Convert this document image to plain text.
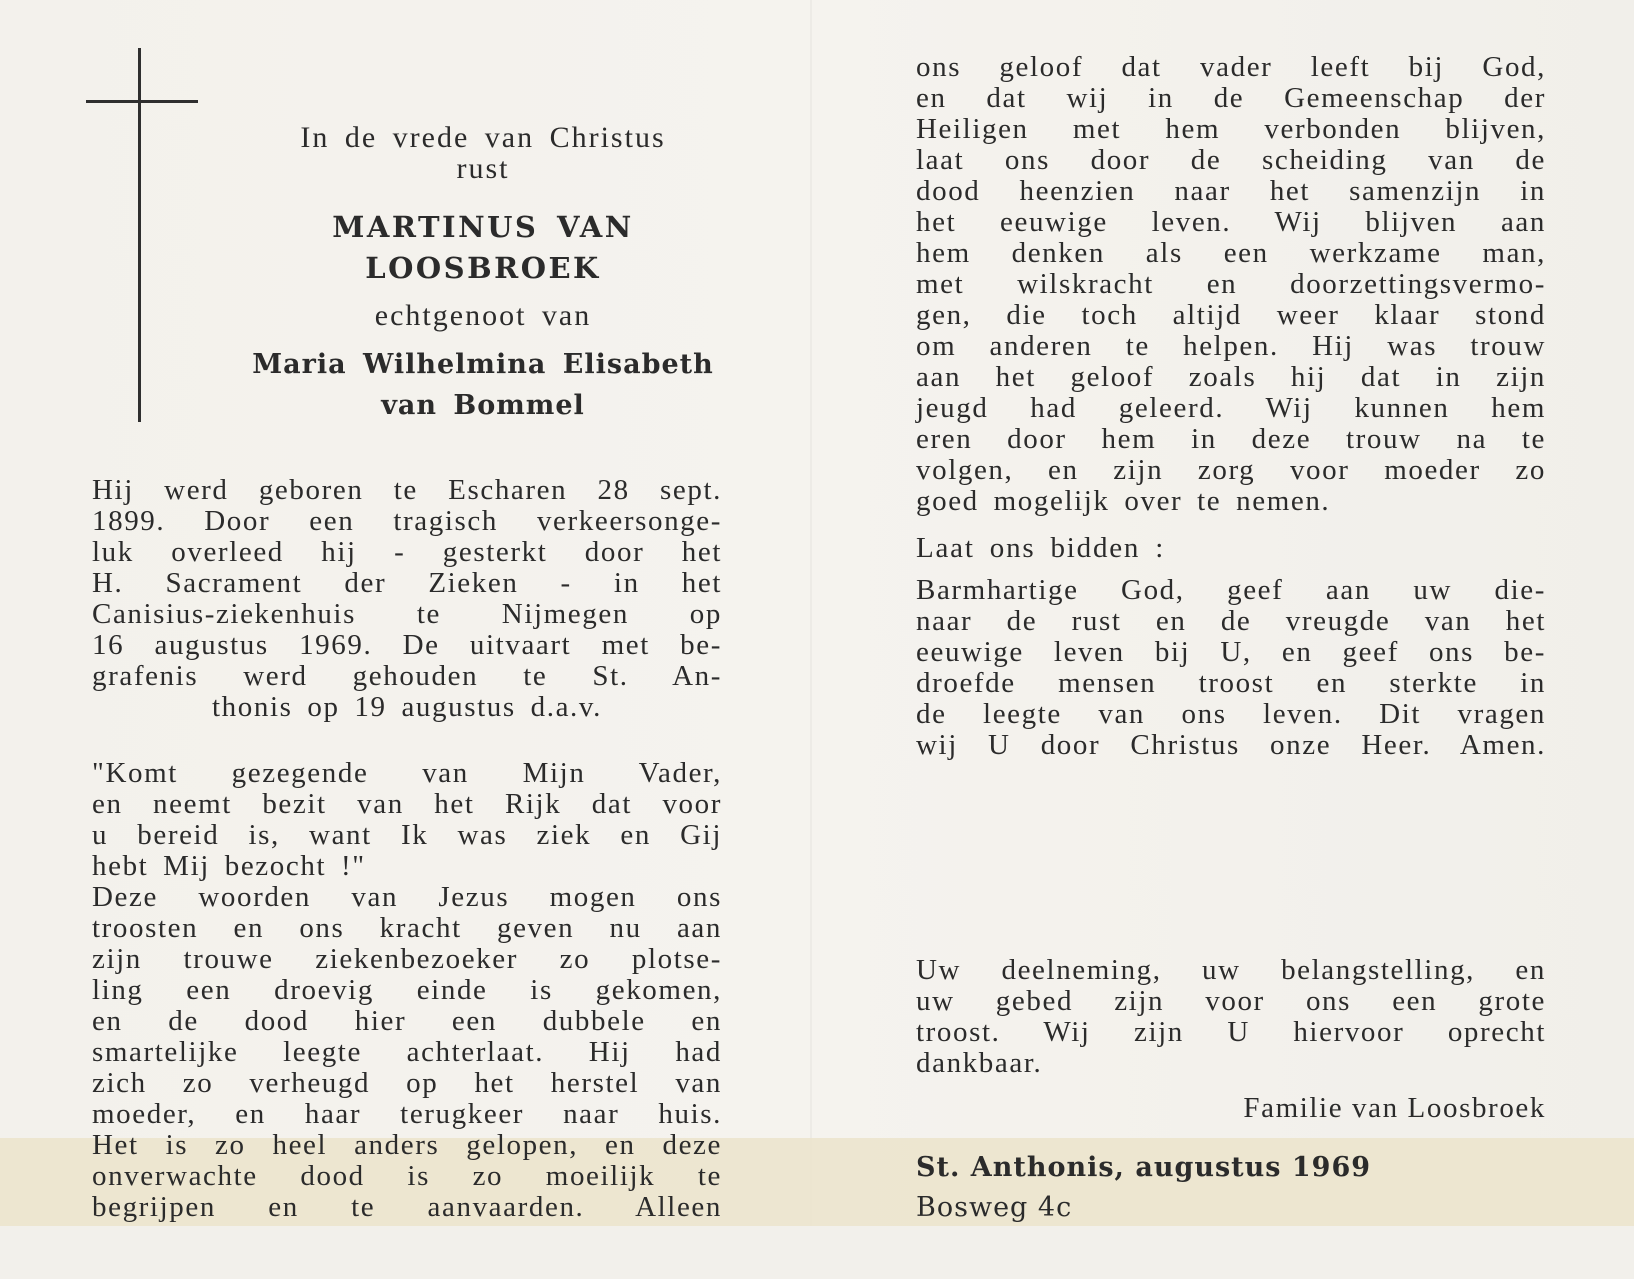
In de vrede van Christus
rust
MARTINUS VAN
LOOSBROEK
echtgenoot van
Maria Wilhelmina Elisabeth
van Bommel
Hij werd geboren te Escharen 28 sept.
1899. Door een tragisch verkeersonge-
luk overleed hij - gesterkt door het
H. Sacrament der Zieken - in het
Canisius-ziekenhuis te Nijmegen op
16 augustus 1969. De uitvaart met be-
grafenis werd gehouden te St. An-
thonis op 19 augustus d.a.v.
"Komt gezegende van Mijn Vader,
en neemt bezit van het Rijk dat voor
u bereid is, want Ik was ziek en Gij
hebt Mij bezocht !"
Deze woorden van Jezus mogen ons
troosten en ons kracht geven nu aan
zijn trouwe ziekenbezoeker zo plotse-
ling een droevig einde is gekomen,
en de dood hier een dubbele en
smartelijke leegte achterlaat. Hij had
zich zo verheugd op het herstel van
moeder, en haar terugkeer naar huis.
Het is zo heel anders gelopen, en deze
onverwachte dood is zo moeilijk te
begrijpen en te aanvaarden. Alleen
ons geloof dat vader leeft bij God,
en dat wij in de Gemeenschap der
Heiligen met hem verbonden blijven,
laat ons door de scheiding van de
dood heenzien naar het samenzijn in
het eeuwige leven. Wij blijven aan
hem denken als een werkzame man,
met wilskracht en doorzettingsvermo-
gen, die toch altijd weer klaar stond
om anderen te helpen. Hij was trouw
aan het geloof zoals hij dat in zijn
jeugd had geleerd. Wij kunnen hem
eren door hem in deze trouw na te
volgen, en zijn zorg voor moeder zo
goed mogelijk over te nemen.
Laat ons bidden :
Barmhartige God, geef aan uw die-
naar de rust en de vreugde van het
eeuwige leven bij U, en geef ons be-
droefde mensen troost en sterkte in
de leegte van ons leven. Dit vragen
wij U door Christus onze Heer. Amen.
Uw deelneming, uw belangstelling, en
uw gebed zijn voor ons een grote
troost. Wij zijn U hiervoor oprecht
dankbaar.
Familie van Loosbroek
St. Anthonis, augustus 1969
Bosweg 4c
